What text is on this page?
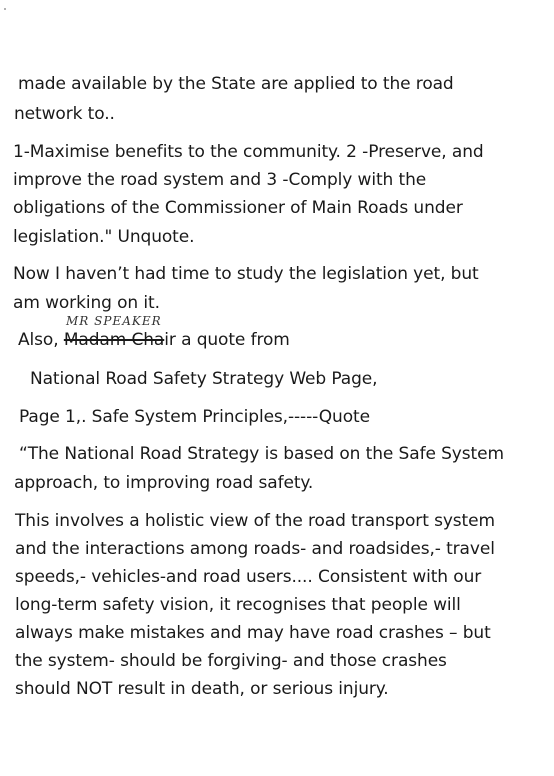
made available by the State are applied to the road
network to..
1-Maximise benefits to the community. 2 -Preserve, and
improve the road system and 3 -Comply with the
obligations of the Commissioner of Main Roads under
legislation." Unquote.
Now I haven’t had time to study the legislation yet, but
am working on it.
MR SPEAKER
Also, Madam Chair a quote from
National Road Safety Strategy Web Page,
Page 1,. Safe System Principles,-----Quote
“The National Road Strategy is based on the Safe System
approach, to improving road safety.
This involves a holistic view of the road transport system
and the interactions among roads- and roadsides,- travel
speeds,- vehicles-and road users.... Consistent with our
long-term safety vision, it recognises that people will
always make mistakes and may have road crashes – but
the system- should be forgiving- and those crashes
should NOT result in death, or serious injury.
